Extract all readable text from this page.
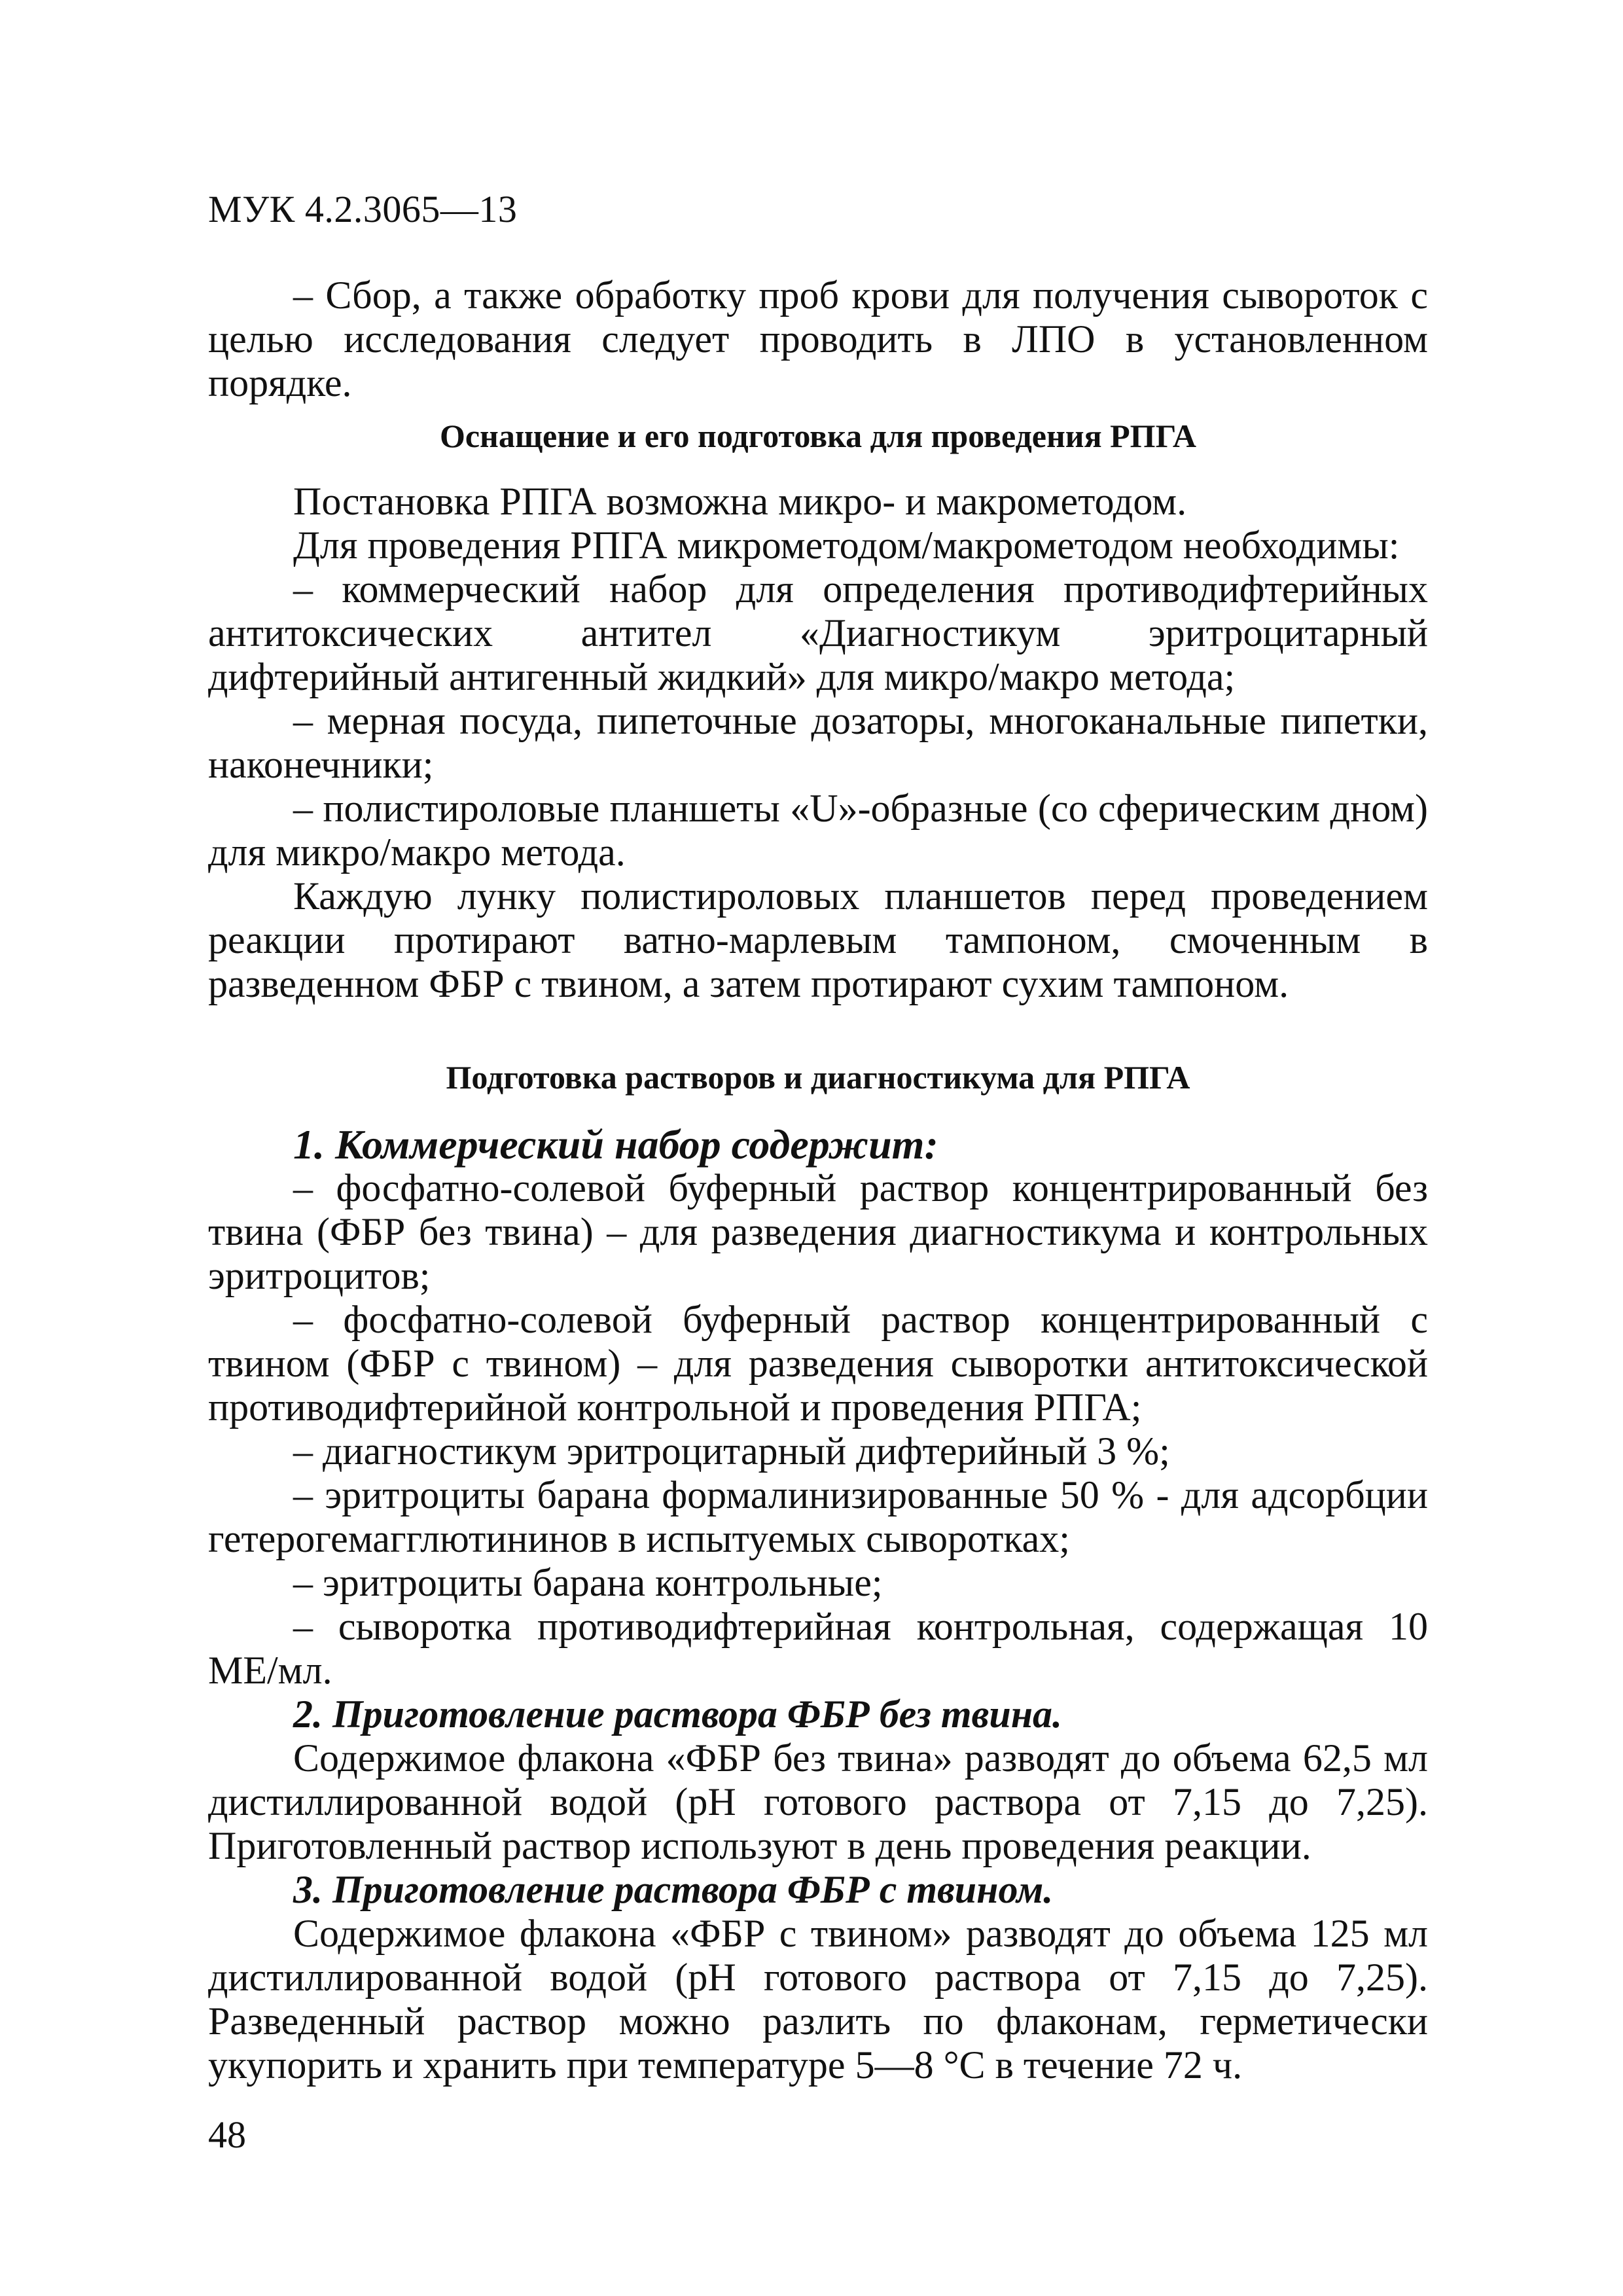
МУК 4.2.3065—13

– Сбор, а также обработку проб крови для получения сывороток с целью исследования следует проводить в ЛПО в установленном порядке.

Оснащение и его подготовка для проведения РПГА

Постановка РПГА возможна микро- и макрометодом.

Для проведения РПГА микрометодом/макрометодом необходимы:

– коммерческий набор для определения противодифтерийных антитоксических антител «Диагностикум эритроцитарный дифтерийный антигенный жидкий» для микро/макро метода;

– мерная посуда, пипеточные дозаторы, многоканальные пипетки, наконечники;

– полистироловые планшеты «U»-образные (со сферическим дном) для микро/макро метода.

Каждую лунку полистироловых планшетов перед проведением реакции протирают ватно-марлевым тампоном, смоченным в разведенном ФБР с твином, а затем протирают сухим тампоном.

Подготовка растворов и диагностикума для РПГА

1. Коммерческий набор содержит:

– фосфатно-солевой буферный раствор концентрированный без твина (ФБР без твина) – для разведения диагностикума и контрольных эритроцитов;

– фосфатно-солевой буферный раствор концентрированный с твином (ФБР с твином) – для разведения сыворотки антитоксической противодифтерийной контрольной и проведения РПГА;

– диагностикум эритроцитарный дифтерийный 3 %;

– эритроциты барана формалинизированные 50 % - для адсорбции гетерогемагглютининов в испытуемых сыворотках;

– эритроциты барана контрольные;

– сыворотка противодифтерийная контрольная, содержащая 10 МЕ/мл.

2. Приготовление раствора ФБР без твина.

Содержимое флакона «ФБР без твина» разводят до объема 62,5 мл дистиллированной водой (рН готового раствора от 7,15 до 7,25). Приготовленный раствор используют в день проведения реакции.

3. Приготовление раствора ФБР с твином.

Содержимое флакона «ФБР с твином» разводят до объема 125 мл дистиллированной водой (рН готового раствора от 7,15 до 7,25). Разведенный раствор можно разлить по флаконам, герметически укупорить и хранить при температуре 5—8 °С в течение 72 ч.

48
